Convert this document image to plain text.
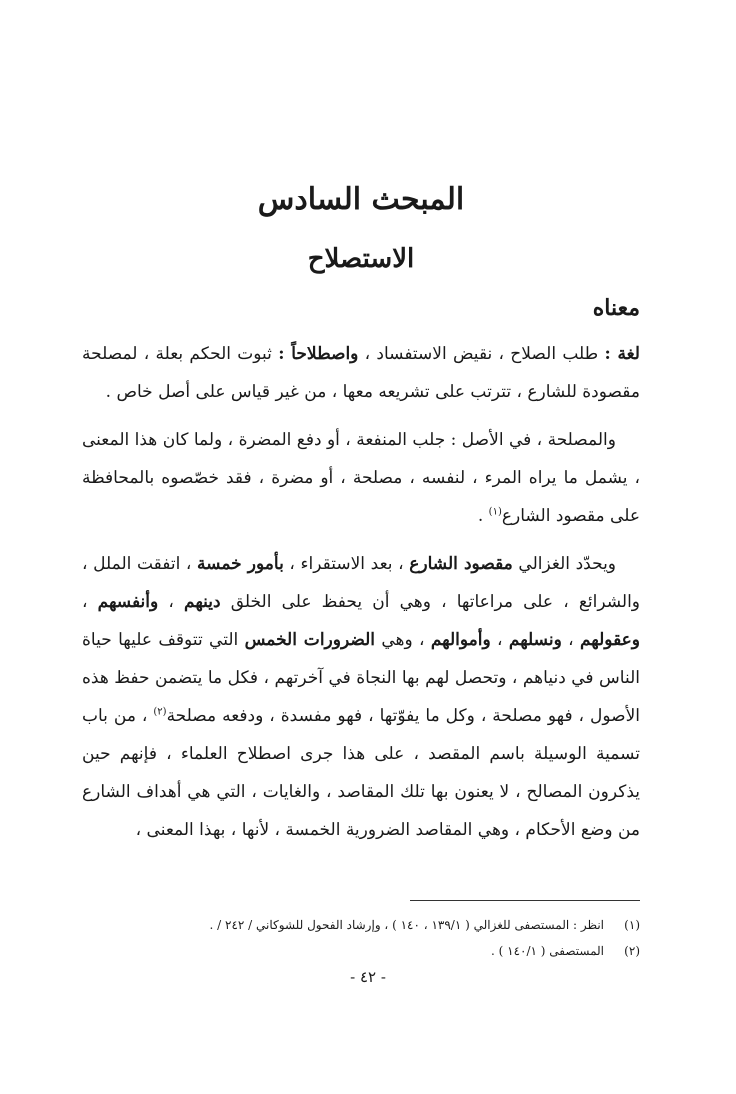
المبحث السادس
الاستصلاح
معناه

لغة : طلب الصلاح ، نقيض الاستفساد ، واصطلاحاً : ثبوت الحكم بعلة ، لمصلحة مقصودة للشارع ، تترتب على تشريعه معها ، من غير قياس على أصل خاص .

والمصلحة ، في الأصل : جلب المنفعة ، أو دفع المضرة ، ولما كان هذا المعنى ، يشمل ما يراه المرء ، لنفسه ، مصلحة ، أو مضرة ، فقد خصّصوه بالمحافظة على مقصود الشارع$^{(١)}$ .

ويحدّد الغزالي مقصود الشارع ، بعد الاستقراء ، بأمور خمسة ، اتفقت الملل ، والشرائع ، على مراعاتها ، وهي أن يحفظ على الخلق دينهم ، وأنفسهم ، وعقولهم ، ونسلهم ، وأموالهم ، وهي الضرورات الخمس التي تتوقف عليها حياة الناس في دنياهم ، وتحصل لهم بها النجاة في آخرتهم ، فكل ما يتضمن حفظ هذه الأصول ، فهو مصلحة ، وكل ما يفوّتها ، فهو مفسدة ، ودفعه مصلحة$^{(٢)}$ ، من باب تسمية الوسيلة باسم المقصد ، على هذا جرى اصطلاح العلماء ، فإنهم حين يذكرون المصالح ، لا يعنون بها تلك المقاصد ، والغايات ، التي هي أهداف الشارع من وضع الأحكام ، وهي المقاصد الضرورية الخمسة ، لأنها ، بهذا المعنى ،

(١)
انظر : المستصفى للغزالي ( ١٣٩/١ ، ١٤٠ ) ، وإرشاد الفحول للشوكاني / ٢٤٢ / .
(٢)
المستصفى ( ١٤٠/١ ) .
- ٤٢ -
